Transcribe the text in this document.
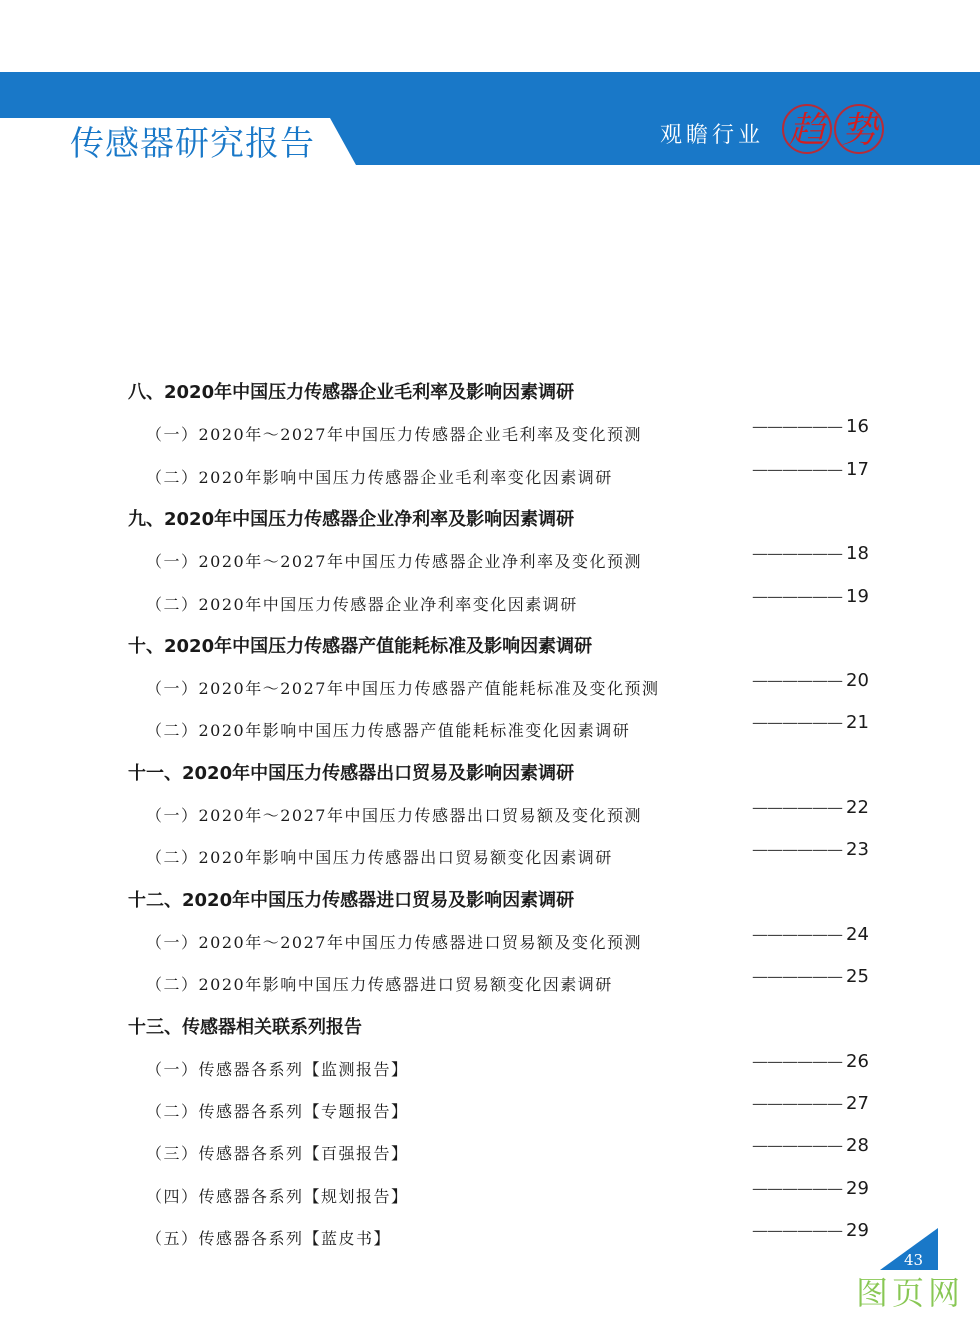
传感器研究报告	观瞻行业 趋 势
八、2020年中国压力传感器企业毛利率及影响因素调研
（一）2020年～2027年中国压力传感器企业毛利率及变化预测	—————— 16
（二）2020年影响中国压力传感器企业毛利率变化因素调研	—————— 17
九、2020年中国压力传感器企业净利率及影响因素调研
（一）2020年～2027年中国压力传感器企业净利率及变化预测	—————— 18
（二）2020年中国压力传感器企业净利率变化因素调研	—————— 19
十、2020年中国压力传感器产值能耗标准及影响因素调研
（一）2020年～2027年中国压力传感器产值能耗标准及变化预测	—————— 20
（二）2020年影响中国压力传感器产值能耗标准变化因素调研	—————— 21
十一、2020年中国压力传感器出口贸易及影响因素调研
（一）2020年～2027年中国压力传感器出口贸易额及变化预测	—————— 22
（二）2020年影响中国压力传感器出口贸易额变化因素调研	—————— 23
十二、2020年中国压力传感器进口贸易及影响因素调研
（一）2020年～2027年中国压力传感器进口贸易额及变化预测	—————— 24
（二）2020年影响中国压力传感器进口贸易额变化因素调研	—————— 25
十三、传感器相关联系列报告
（一）传感器各系列【监测报告】	—————— 26
（二）传感器各系列【专题报告】	—————— 27
（三）传感器各系列【百强报告】	—————— 28
（四）传感器各系列【规划报告】	—————— 29
（五）传感器各系列【蓝皮书】	—————— 29
43
图页网
